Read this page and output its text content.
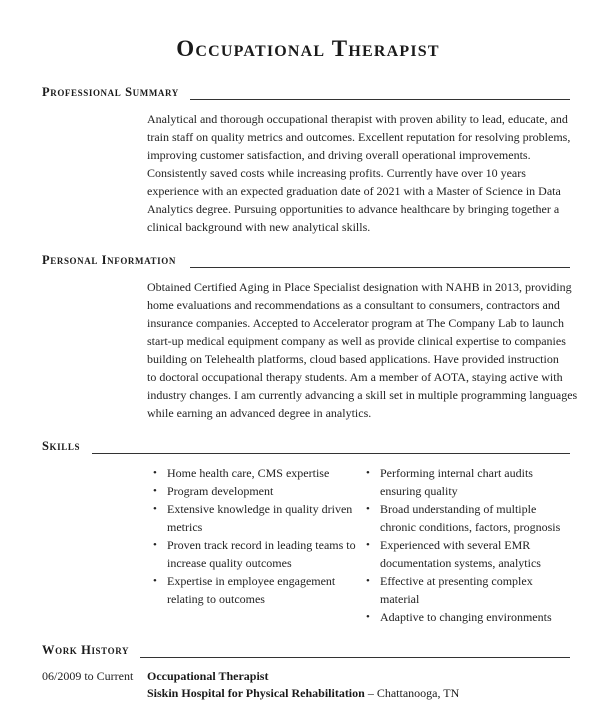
Occupational Therapist
Professional Summary
Analytical and thorough occupational therapist with proven ability to lead, educate, and
train staff on quality metrics and outcomes. Excellent reputation for resolving problems,
improving customer satisfaction, and driving overall operational improvements.
Consistently saved costs while increasing profits. Currently have over 10 years
experience with an expected graduation date of 2021 with a Master of Science in Data
Analytics degree. Pursuing opportunities to advance healthcare by bringing together a
clinical background with new analytical skills.
Personal Information
Obtained Certified Aging in Place Specialist designation with NAHB in 2013, providing
home evaluations and recommendations as a consultant to consumers, contractors and
insurance companies. Accepted to Accelerator program at The Company Lab to launch
start-up medical equipment company as well as provide clinical expertise to companies
building on Telehealth platforms, cloud based applications. Have provided instruction
to doctoral occupational therapy students. Am a member of AOTA, staying active with
industry changes. I am currently advancing a skill set in multiple programming languages
while earning an advanced degree in analytics.
Skills
• Home health care, CMS expertise
• Program development
• Extensive knowledge in quality driven
metrics
• Proven track record in leading teams to
increase quality outcomes
• Expertise in employee engagement
relating to outcomes
• Performing internal chart audits
ensuring quality
• Broad understanding of multiple
chronic conditions, factors, prognosis
• Experienced with several EMR
documentation systems, analytics
• Effective at presenting complex
material
• Adaptive to changing environments
Work History
06/2009 to Current Occupational Therapist
Siskin Hospital for Physical Rehabilitation – Chattanooga, TN
